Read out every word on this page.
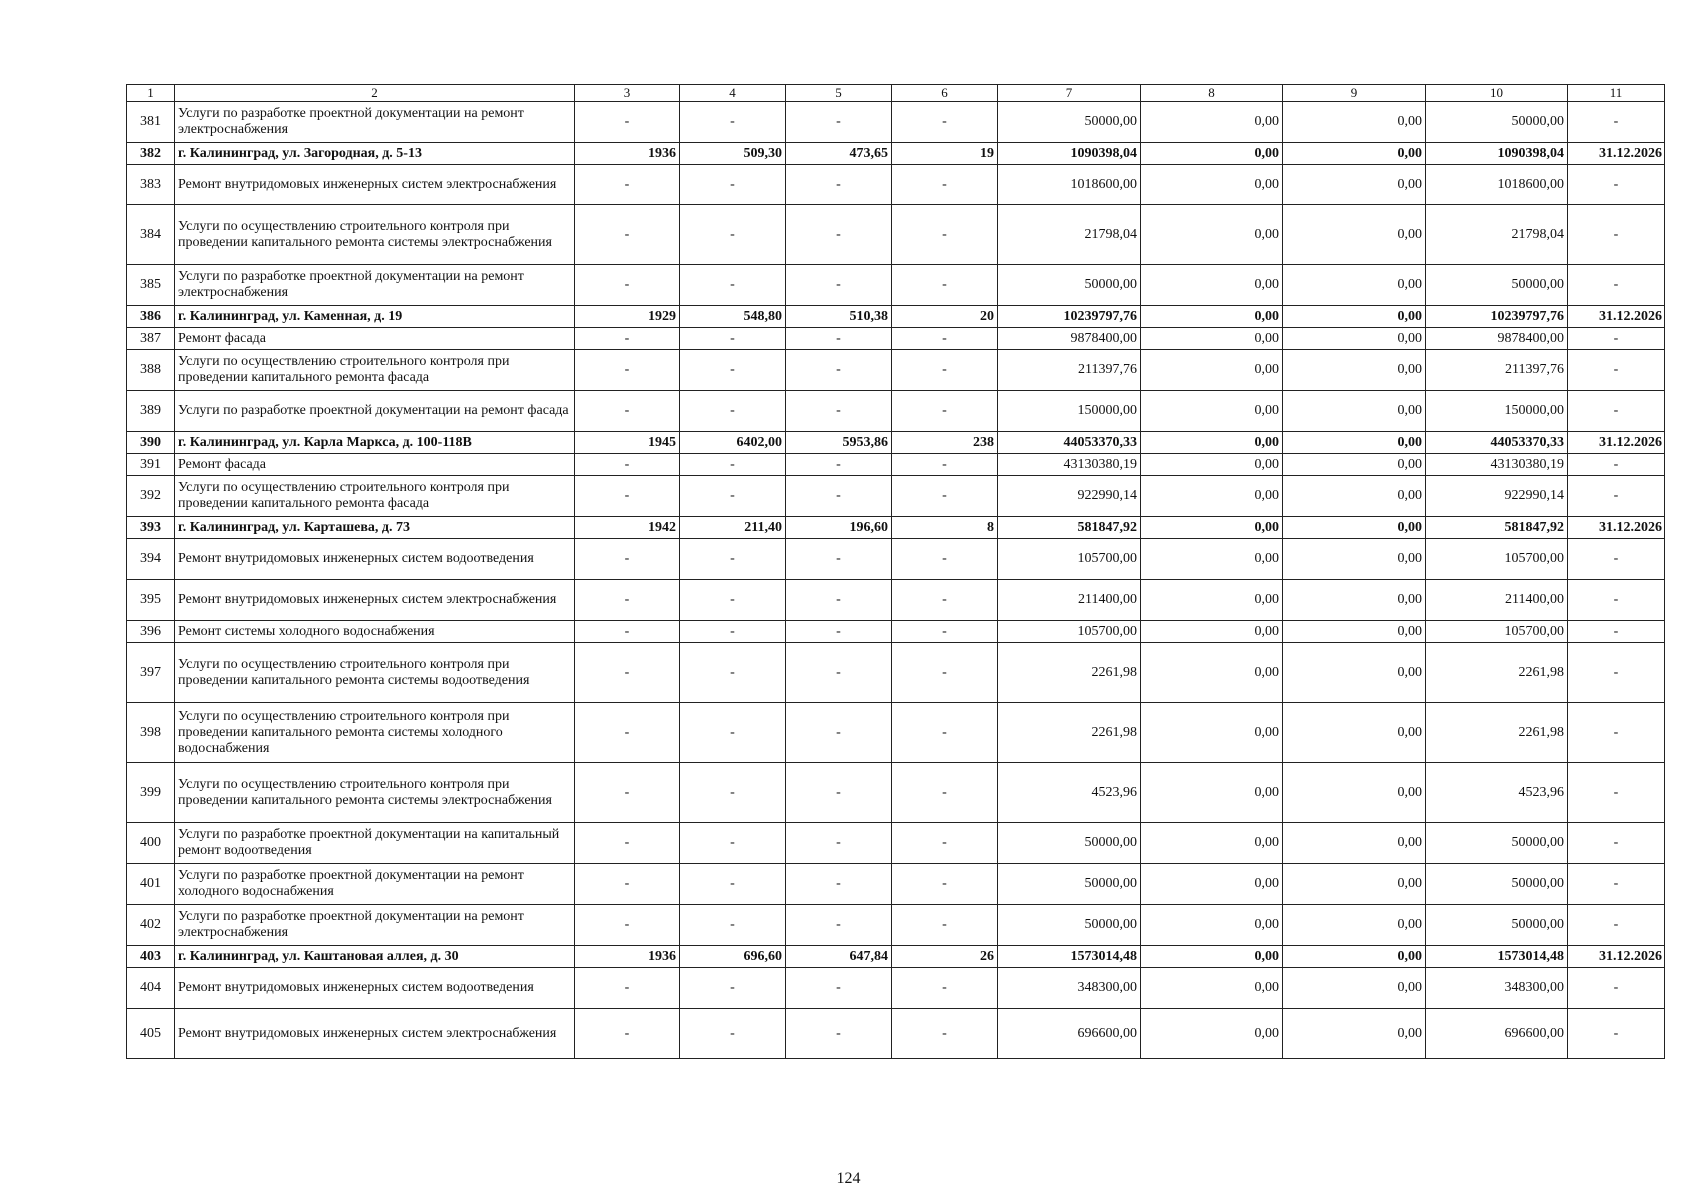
1	2	3	4	5	6	7	8	9	10	11
381	Услуги по разработке проектной документации на ремонт электроснабжения	-	-	-	-	50000,00	0,00	0,00	50000,00	-
382	г. Калининград, ул. Загородная, д. 5-13	1936	509,30	473,65	19	1090398,04	0,00	0,00	1090398,04	31.12.2026
383	Ремонт внутридомовых инженерных систем электроснабжения	-	-	-	-	1018600,00	0,00	0,00	1018600,00	-
384	Услуги по осуществлению строительного контроля при проведении капитального ремонта системы электроснабжения	-	-	-	-	21798,04	0,00	0,00	21798,04	-
385	Услуги по разработке проектной документации на ремонт электроснабжения	-	-	-	-	50000,00	0,00	0,00	50000,00	-
386	г. Калининград, ул. Каменная, д. 19	1929	548,80	510,38	20	10239797,76	0,00	0,00	10239797,76	31.12.2026
387	Ремонт фасада	-	-	-	-	9878400,00	0,00	0,00	9878400,00	-
388	Услуги по осуществлению строительного контроля при проведении капитального ремонта фасада	-	-	-	-	211397,76	0,00	0,00	211397,76	-
389	Услуги по разработке проектной документации на ремонт фасада	-	-	-	-	150000,00	0,00	0,00	150000,00	-
390	г. Калининград, ул. Карла Маркса, д. 100-118В	1945	6402,00	5953,86	238	44053370,33	0,00	0,00	44053370,33	31.12.2026
391	Ремонт фасада	-	-	-	-	43130380,19	0,00	0,00	43130380,19	-
392	Услуги по осуществлению строительного контроля при проведении капитального ремонта фасада	-	-	-	-	922990,14	0,00	0,00	922990,14	-
393	г. Калининград, ул. Карташева, д. 73	1942	211,40	196,60	8	581847,92	0,00	0,00	581847,92	31.12.2026
394	Ремонт внутридомовых инженерных систем водоотведения	-	-	-	-	105700,00	0,00	0,00	105700,00	-
395	Ремонт внутридомовых инженерных систем электроснабжения	-	-	-	-	211400,00	0,00	0,00	211400,00	-
396	Ремонт системы холодного водоснабжения	-	-	-	-	105700,00	0,00	0,00	105700,00	-
397	Услуги по осуществлению строительного контроля при проведении капитального ремонта системы водоотведения	-	-	-	-	2261,98	0,00	0,00	2261,98	-
398	Услуги по осуществлению строительного контроля при проведении капитального ремонта системы холодного водоснабжения	-	-	-	-	2261,98	0,00	0,00	2261,98	-
399	Услуги по осуществлению строительного контроля при проведении капитального ремонта системы электроснабжения	-	-	-	-	4523,96	0,00	0,00	4523,96	-
400	Услуги по разработке проектной документации на капитальный ремонт водоотведения	-	-	-	-	50000,00	0,00	0,00	50000,00	-
401	Услуги по разработке проектной документации на ремонт холодного водоснабжения	-	-	-	-	50000,00	0,00	0,00	50000,00	-
402	Услуги по разработке проектной документации на ремонт электроснабжения	-	-	-	-	50000,00	0,00	0,00	50000,00	-
403	г. Калининград, ул. Каштановая аллея, д. 30	1936	696,60	647,84	26	1573014,48	0,00	0,00	1573014,48	31.12.2026
404	Ремонт внутридомовых инженерных систем водоотведения	-	-	-	-	348300,00	0,00	0,00	348300,00	-
405	Ремонт внутридомовых инженерных систем электроснабжения	-	-	-	-	696600,00	0,00	0,00	696600,00	-
124
